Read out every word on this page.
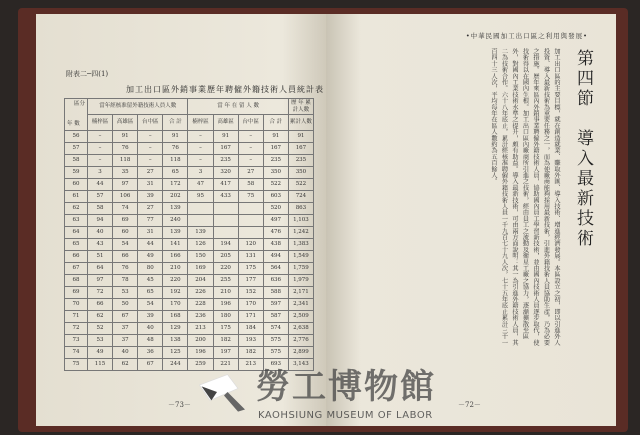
附表二─四(1)
加工出口區外銷事業歷年聘僱外籍技術人員統計表
區分
年 數	當年經核准留外籍技術人員人數				當 年 在 留 人 數				歷 年 累計人數
	楠梓區	高雄區	台中區	合 計	楠梓區	高雄區	台中區	合 計	累計人數
56	–	91	–	91	–	91	–	91	91
57	–	76	–	76	–	167	–	167	167
58	–	118	–	118	–	235	–	235	235
59	3	35	27	65	3	320	27	350	350
60	44	97	31	172	47	417	58	522	522
61	57	106	39	202	95	433	75	603	724
62	58	74	27	139				520	863
63	94	69	77	240				497	1,103
64	40	60	31	139	139			476	1,242
65	43	54	44	141	126	194	120	438	1,383
66	51	66	49	166	150	205	131	494	1,549
67	64	76	80	210	169	220	175	564	1,759
68	97	78	45	220	204	255	177	636	1,979
69	72	53	65	192	226	210	152	588	2,171
70	66	50	54	170	228	196	170	597	2,341
71	62	67	39	168	236	180	171	587	2,509
72	52	37	40	129	213	175	184	574	2,638
73	53	37	48	138	200	182	193	575	2,776
74	49	40	36	125	196	197	182	575	2,899
75	115	62	67	244	259	221	213	693	3,143
－73－
•中華民國加工出口區之利用與發展•
第四節　導入最新技術
加工出口區的主要目標，就在創造就業、賺取外匯、導入技術、增進經濟發展。本區設立之初，即以引進外人投資、導入最新技術為重要任務之一，而為使廠商能夠採用最新技術，引進外籍技術人員協助生產，乃為必要之措施。歷年來區內外銷事業聘僱外籍技術人員，協助國內員工學習新技術，並由國內技術人員逐步取代，使技術得以在國內生根。加工出口區內廠商所引進之技術，經由員工之流動及衛星工廠之協力，逐漸擴散至區外，對國內工業技術水準之提升，頗有助益。導入最新技術，可由兩方面說明：其一為引進外籍技術人員，其二為技術合作。六十八年底止，累計經核准聘僱外籍技術人員一千九百七十九人次，七十五年底止累計三千一百四十三人次，平均每年在區人數約為五百餘人。
－72－
勞工博物館
KAOHSIUNG MUSEUM OF LABOR
